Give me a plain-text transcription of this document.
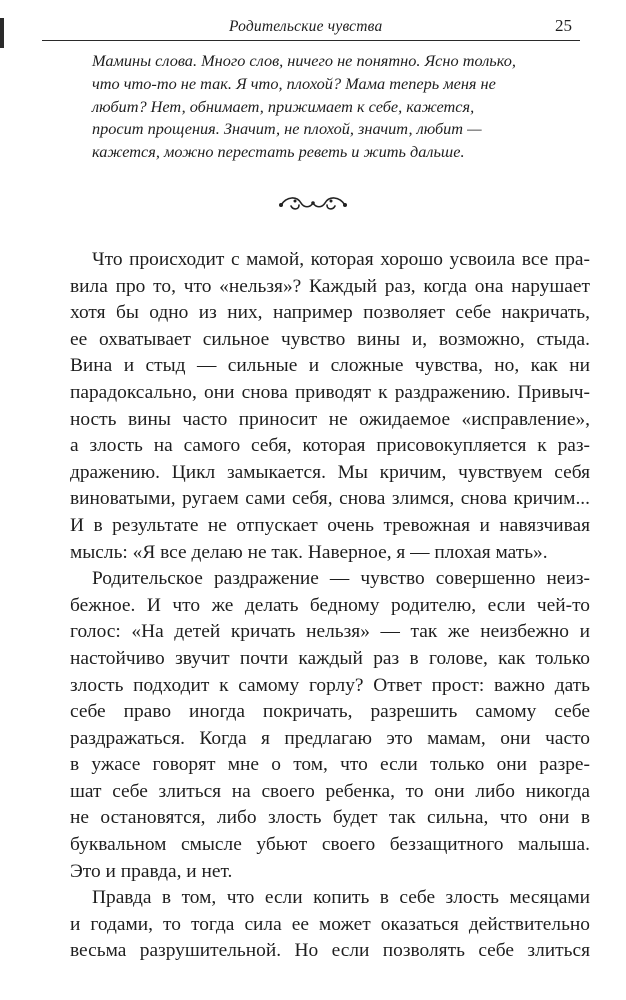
Родительские чувства	25
Мамины слова. Много слов, ничего не понятно. Ясно только,
что что-то не так. Я что, плохой? Мама теперь меня не
любит? Нет, обнимает, прижимает к себе, кажется,
просит прощения. Значит, не плохой, значит, любит —
кажется, можно перестать реветь и жить дальше.
Что происходит с мамой, которая хорошо усвоила все пра-
вила про то, что «нельзя»? Каждый раз, когда она нарушает
хотя бы одно из них, например позволяет себе накричать,
ее охватывает сильное чувство вины и, возможно, стыда.
Вина и стыд — сильные и сложные чувства, но, как ни
парадоксально, они снова приводят к раздражению. Привыч-
ность вины часто приносит не ожидаемое «исправление»,
а злость на самого себя, которая присовокупляется к раз-
дражению. Цикл замыкается. Мы кричим, чувствуем себя
виноватыми, ругаем сами себя, снова злимся, снова кричим...
И в результате не отпускает очень тревожная и навязчивая
мысль: «Я все делаю не так. Наверное, я — плохая мать».
Родительское раздражение — чувство совершенно неиз-
бежное. И что же делать бедному родителю, если чей-то
голос: «На детей кричать нельзя» — так же неизбежно и
настойчиво звучит почти каждый раз в голове, как только
злость подходит к самому горлу? Ответ прост: важно дать
себе право иногда покричать, разрешить самому себе
раздражаться. Когда я предлагаю это мамам, они часто
в ужасе говорят мне о том, что если только они разре-
шат себе злиться на своего ребенка, то они либо никогда
не остановятся, либо злость будет так сильна, что они в
буквальном смысле убьют своего беззащитного малыша.
Это и правда, и нет.
Правда в том, что если копить в себе злость месяцами
и годами, то тогда сила ее может оказаться действительно
весьма разрушительной. Но если позволять себе злиться
